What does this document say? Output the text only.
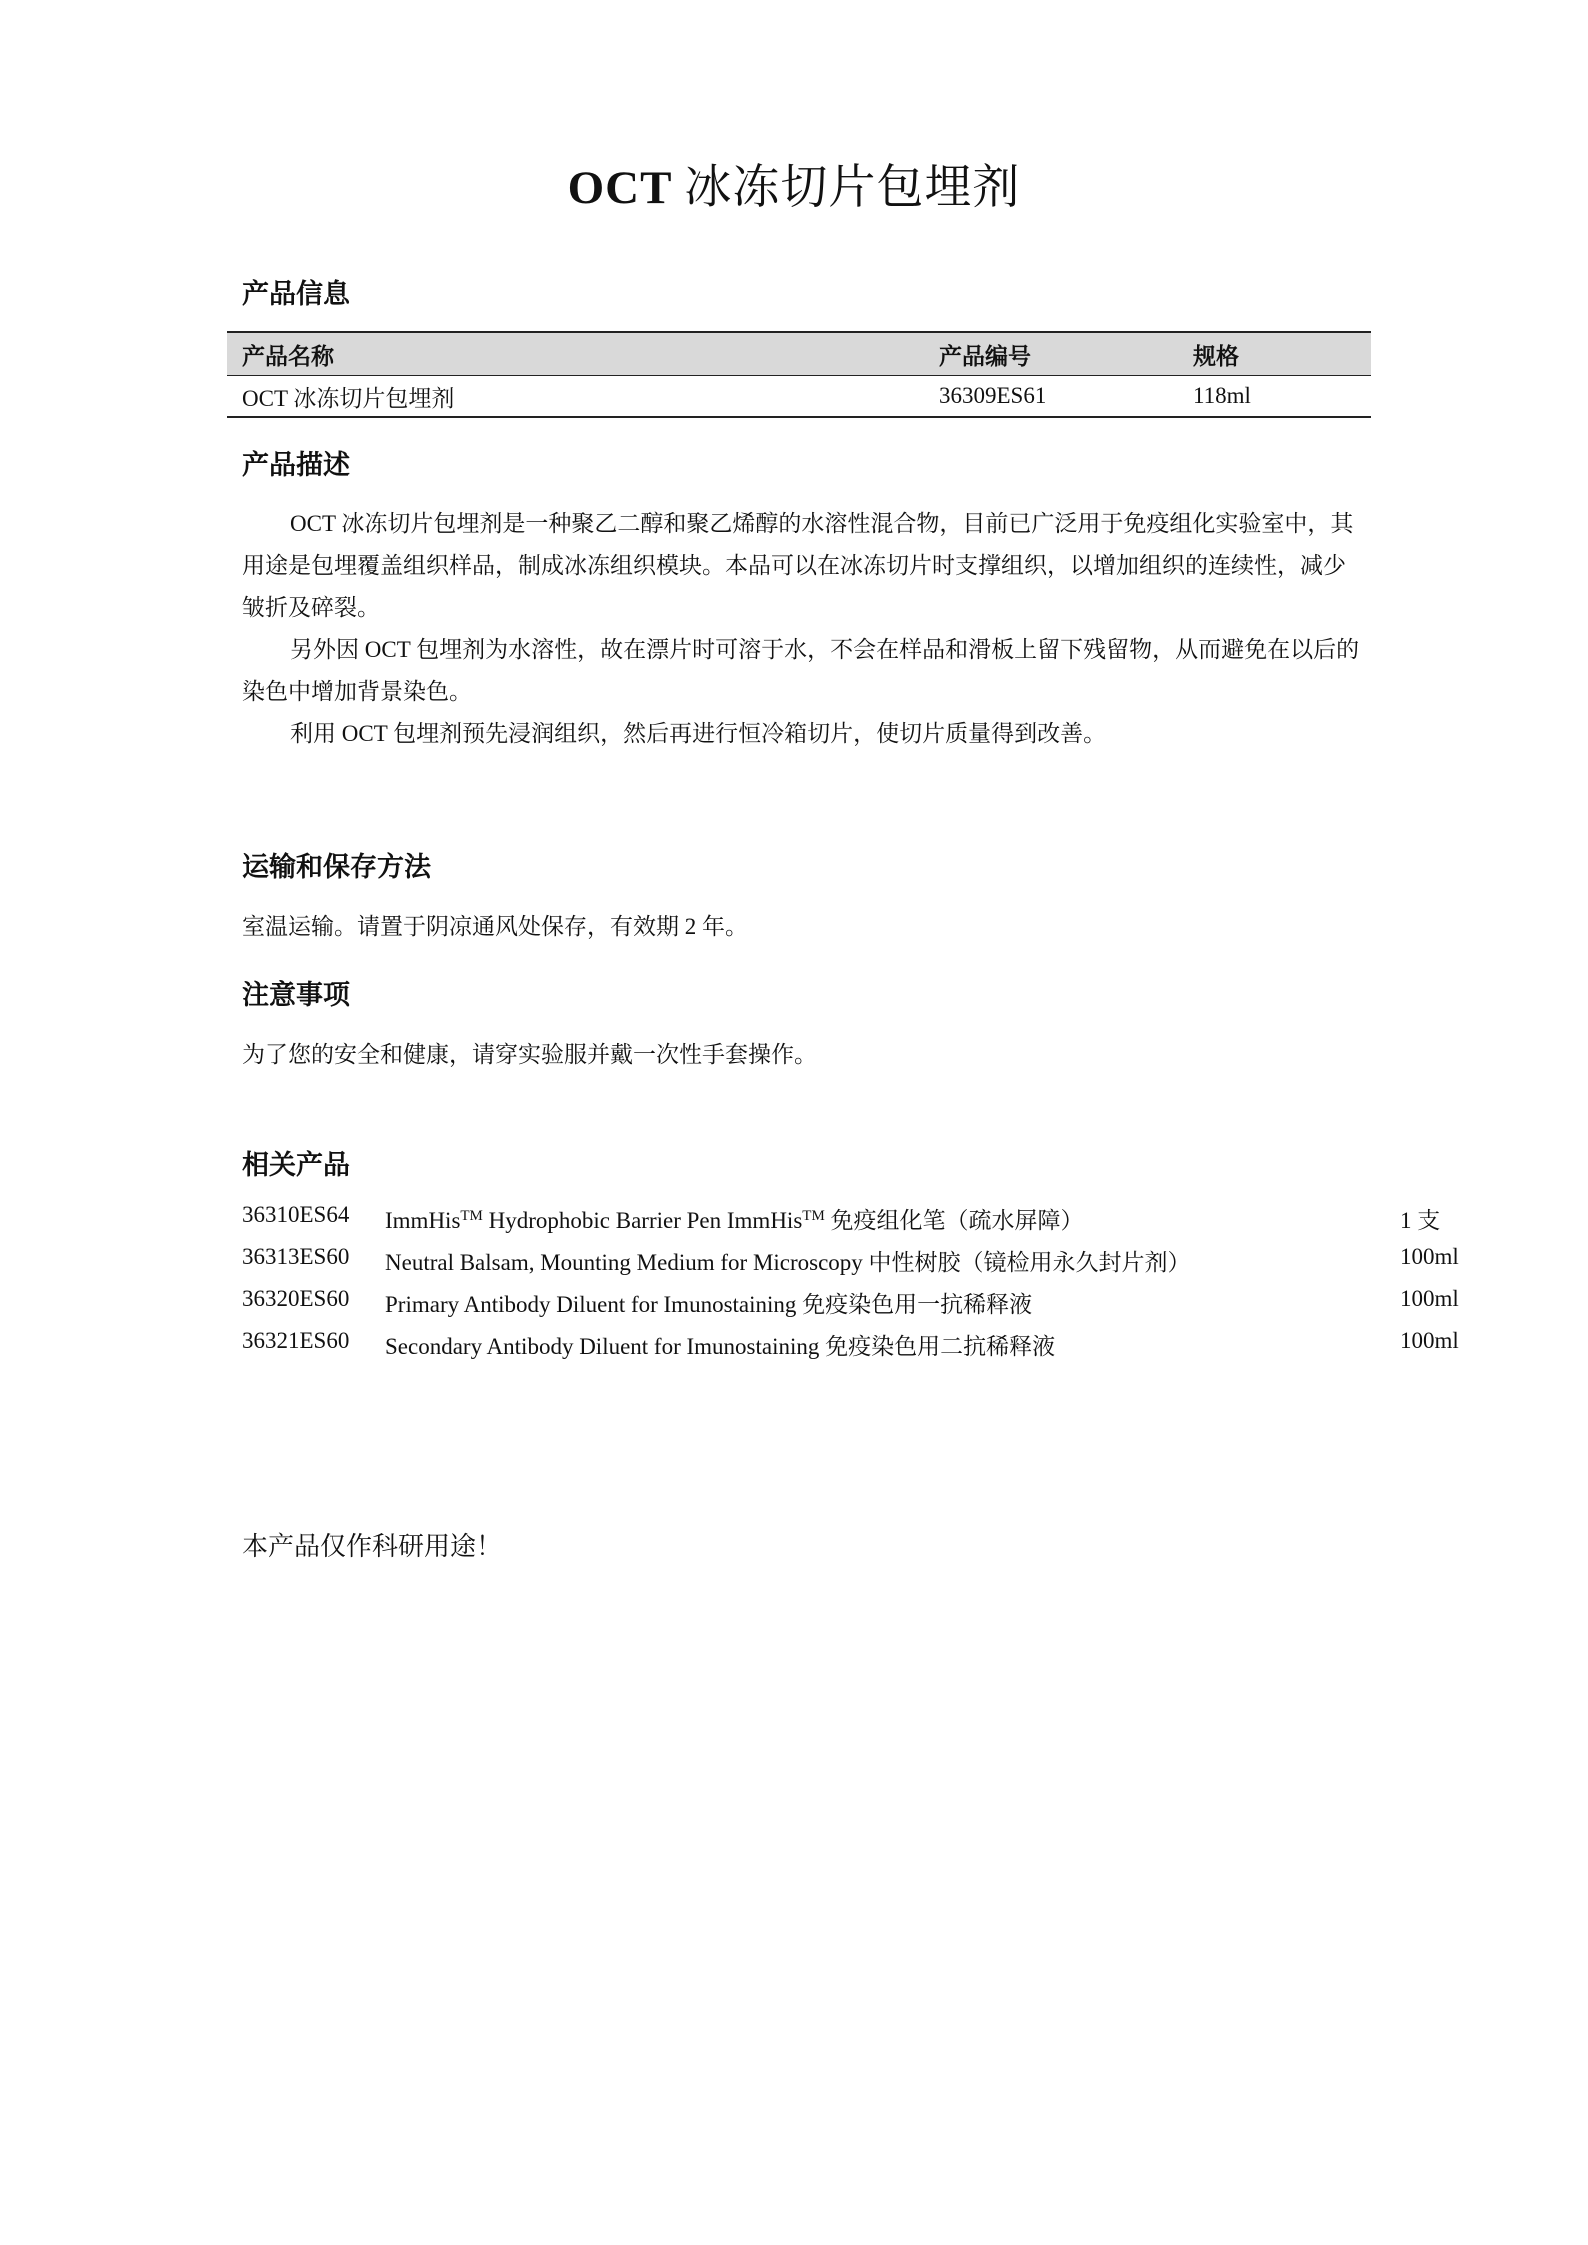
OCT 冰冻切片包埋剂
产品信息
产品名称	产品编号	规格
OCT 冰冻切片包埋剂	36309ES61	118ml
产品描述
OCT 冰冻切片包埋剂是一种聚乙二醇和聚乙烯醇的水溶性混合物，目前已广泛用于免疫组化实验室中，其用途是包埋覆盖组织样品，制成冰冻组织模块。本品可以在冰冻切片时支撑组织，以增加组织的连续性，减少皱折及碎裂。
另外因 OCT 包埋剂为水溶性，故在漂片时可溶于水，不会在样品和滑板上留下残留物，从而避免在以后的染色中增加背景染色。
利用 OCT 包埋剂预先浸润组织，然后再进行恒冷箱切片，使切片质量得到改善。
运输和保存方法
室温运输。请置于阴凉通风处保存，有效期 2 年。
注意事项
为了您的安全和健康，请穿实验服并戴一次性手套操作。
相关产品
36310ES64 ImmHis™ Hydrophobic Barrier Pen ImmHis™ 免疫组化笔（疏水屏障）	1 支
36313ES60 Neutral Balsam, Mounting Medium for Microscopy 中性树胶（镜检用永久封片剂）	100ml
36320ES60 Primary Antibody Diluent for Imunostaining 免疫染色用一抗稀释液	100ml
36321ES60 Secondary Antibody Diluent for Imunostaining 免疫染色用二抗稀释液	100ml
本产品仅作科研用途！
